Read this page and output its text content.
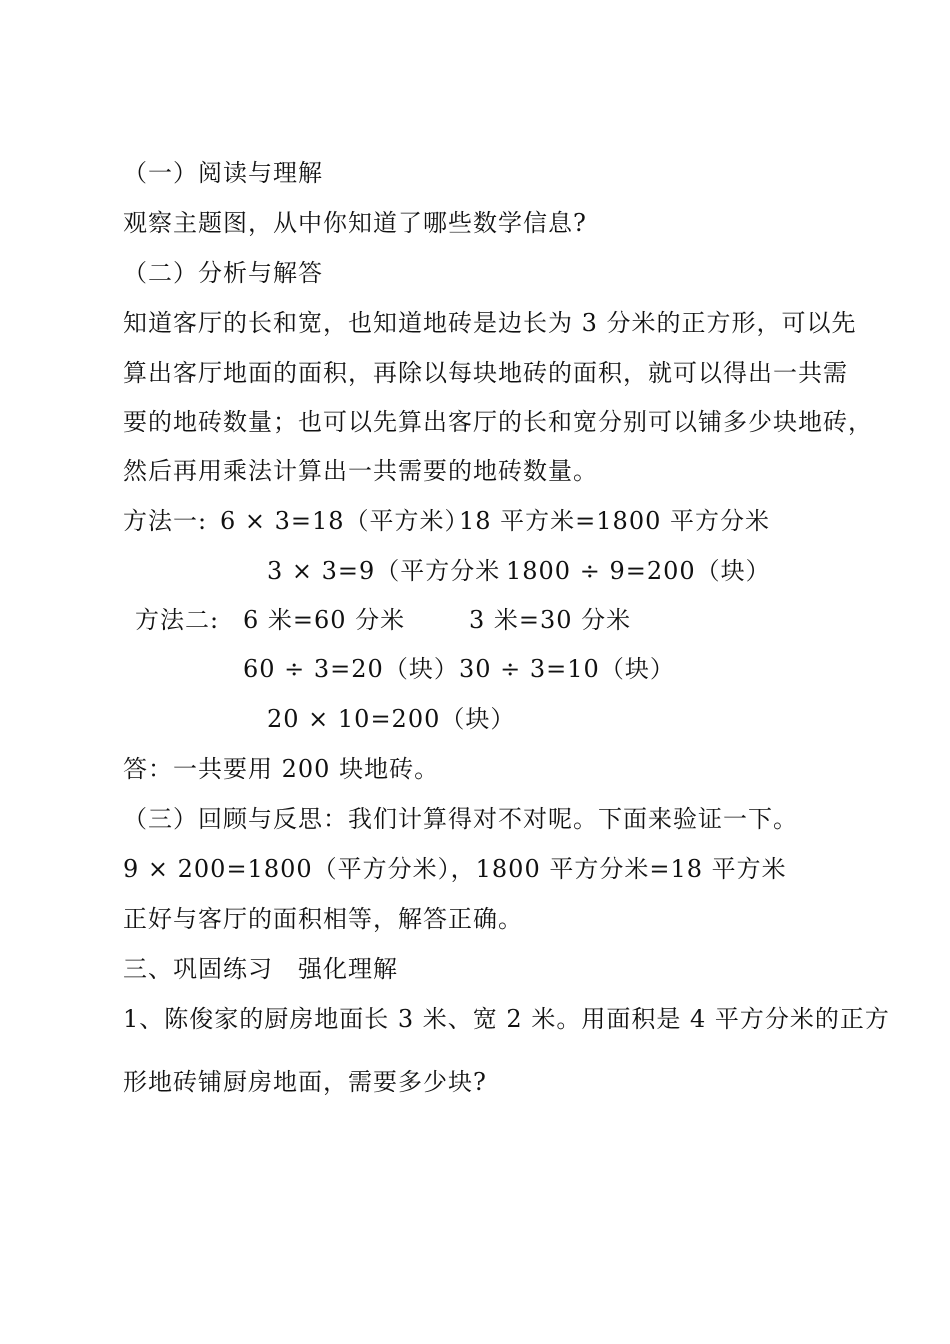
（一）阅读与理解
观察主题图，从中你知道了哪些数学信息?
（二）分析与解答
知道客厅的长和宽，也知道地砖是边长为 3 分米的正方形，可以先
算出客厅地面的面积，再除以每块地砖的面积，就可以得出一共需
要的地砖数量；也可以先算出客厅的长和宽分别可以铺多少块地砖，
然后再用乘法计算出一共需要的地砖数量。
方法一: 6 × 3=18（平方米）
18 平方米=1800 平方分米
3 × 3=9（平方分米 1800 ÷ 9=200（块）
方法二: 6 米=60 分米	3 米=30 分米
60 ÷ 3=20（块） 30 ÷ 3=10（块）
20 × 10=200（块）
答：一共要用 200 块地砖。
（三）回顾与反思：我们计算得对不对呢。下面来验证一下。
9 × 200=1800（平方分米），1800 平方分米=18 平方米
正好与客厅的面积相等，解答正确。
三、巩固练习　强化理解
1、陈俊家的厨房地面长 3 米、宽 2 米。用面积是 4 平方分米的正方
形地砖铺厨房地面，需要多少块?
